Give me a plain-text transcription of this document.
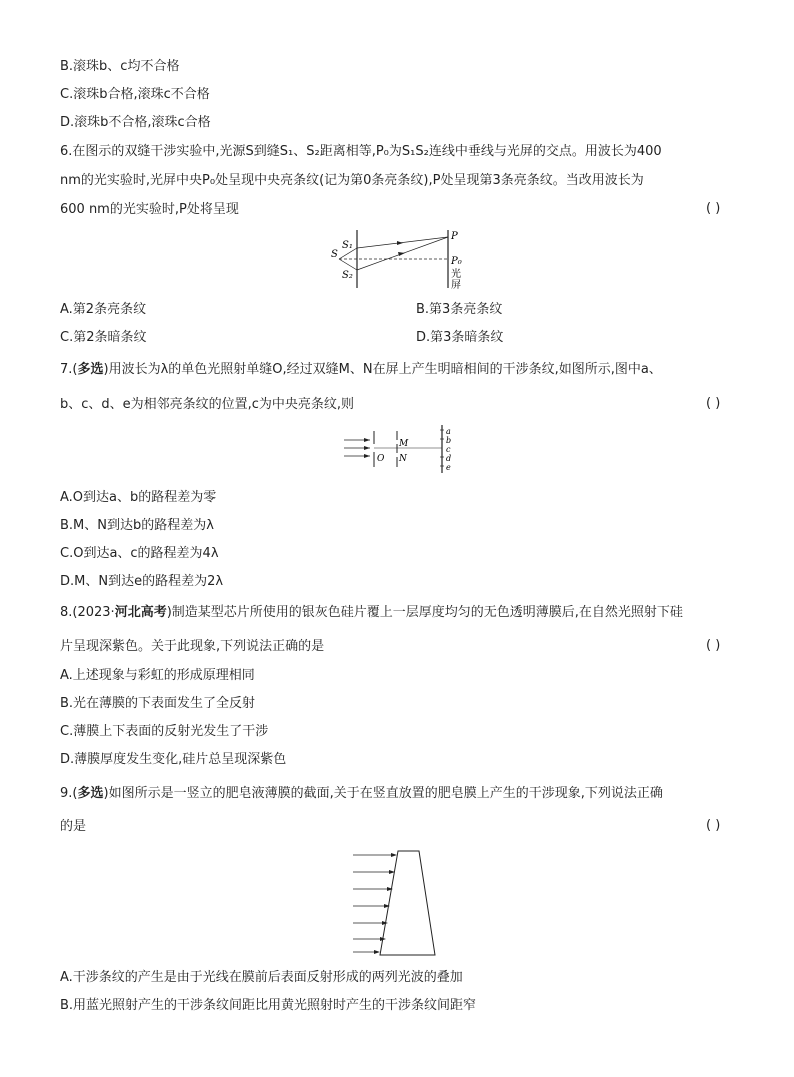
B.滚珠b、c均不合格
C.滚珠b合格,滚珠c不合格
D.滚珠b不合格,滚珠c合格
6.在图示的双缝干涉实验中,光源S到缝S₁、S₂距离相等,P₀为S₁S₂连线中垂线与光屏的交点。用波长为400
nm的光实验时,光屏中央P₀处呈现中央亮条纹(记为第0条亮条纹),P处呈现第3条亮条纹。当改用波长为
600 nm的光实验时,P处将呈现	( )
S
S₁
S₂
P
P₀
光
屏
A.第2条亮条纹	B.第3条亮条纹
C.第2条暗条纹	D.第3条暗条纹
7.(多选)用波长为λ的单色光照射单缝O,经过双缝M、N在屏上产生明暗相间的干涉条纹,如图所示,图中a、
b、c、d、e为相邻亮条纹的位置,c为中央亮条纹,则	( )
O
M
N
a
b
c
d
e
A.O到达a、b的路程差为零
B.M、N到达b的路程差为λ
C.O到达a、c的路程差为4λ
D.M、N到达e的路程差为2λ
8.(2023·河北高考)制造某型芯片所使用的银灰色硅片覆上一层厚度均匀的无色透明薄膜后,在自然光照射下硅
片呈现深紫色。关于此现象,下列说法正确的是	( )
A.上述现象与彩虹的形成原理相同
B.光在薄膜的下表面发生了全反射
C.薄膜上下表面的反射光发生了干涉
D.薄膜厚度发生变化,硅片总呈现深紫色
9.(多选)如图所示是一竖立的肥皂液薄膜的截面,关于在竖直放置的肥皂膜上产生的干涉现象,下列说法正确
的是	( )
A.干涉条纹的产生是由于光线在膜前后表面反射形成的两列光波的叠加
B.用蓝光照射产生的干涉条纹间距比用黄光照射时产生的干涉条纹间距窄
